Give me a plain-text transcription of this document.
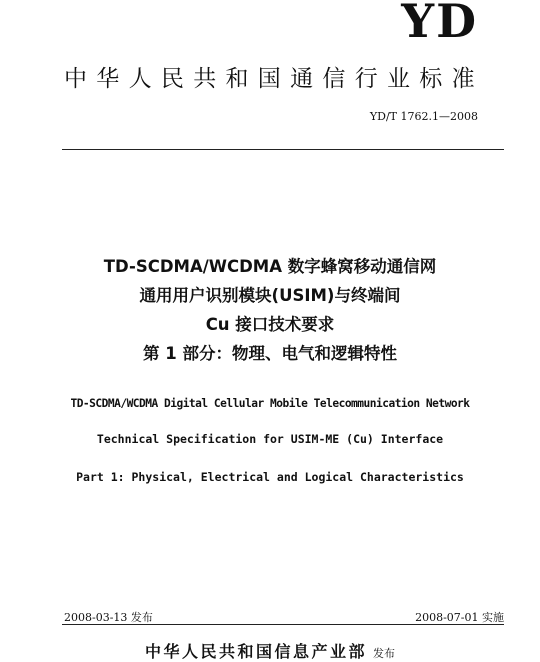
YD
中华人民共和国通信行业标准
YD/T 1762.1—2008
TD-SCDMA/WCDMA 数字蜂窝移动通信网
通用用户识别模块(USIM)与终端间
Cu 接口技术要求
第 1 部分：物理、电气和逻辑特性
TD-SCDMA/WCDMA Digital Cellular Mobile Telecommunication Network
Technical Specification for USIM-ME (Cu) Interface
Part 1: Physical, Electrical and Logical Characteristics
2008-03-13 发布	2008-07-01 实施
中华人民共和国信息产业部 发布
